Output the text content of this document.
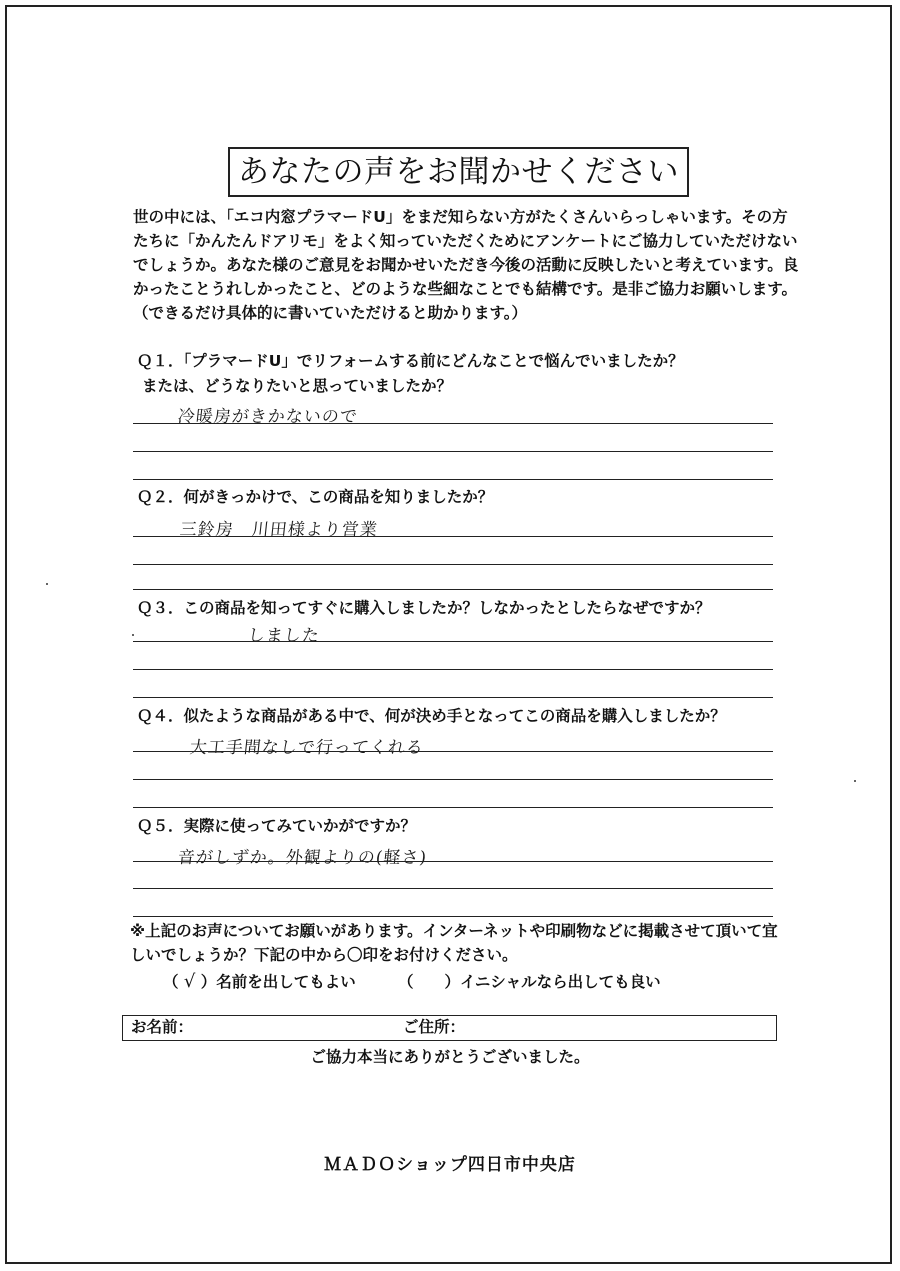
あなたの声をお聞かせください
世の中には、「エコ内窓プラマードU」をまだ知らない方がたくさんいらっしゃいます。その方
たちに「かんたんドアリモ」をよく知っていただくためにアンケートにご協力していただけない
でしょうか。あなた様のご意見をお聞かせいただき今後の活動に反映したいと考えています。良
かったことうれしかったこと、どのような些細なことでも結構です。是非ご協力お願いします。
（できるだけ具体的に書いていただけると助かります。）
Ｑ１．「プラマードU」でリフォームする前にどんなことで悩んでいましたか？
または、どうなりたいと思っていましたか？
冷暖房がきかないので
Ｑ２．何がきっかけで、この商品を知りましたか？
三鈴房　川田様より営業
Ｑ３．この商品を知ってすぐに購入しましたか？しなかったとしたらなぜですか？
しました
Ｑ４．似たような商品がある中で、何が決め手となってこの商品を購入しましたか？
大工手間なしで行ってくれる
Ｑ５．実際に使ってみていかがですか？
音がしずか。外観よりの(軽さ)
※上記のお声についてお願いがあります。インターネットや印刷物などに掲載させて頂いて宜
しいでしょうか？下記の中から〇印をお付けください。
（ √ ）名前を出してもよい	（　　）イニシャルなら出しても良い
お名前：	ご住所：
ご協力本当にありがとうございました。
ＭＡＤＯショップ四日市中央店
